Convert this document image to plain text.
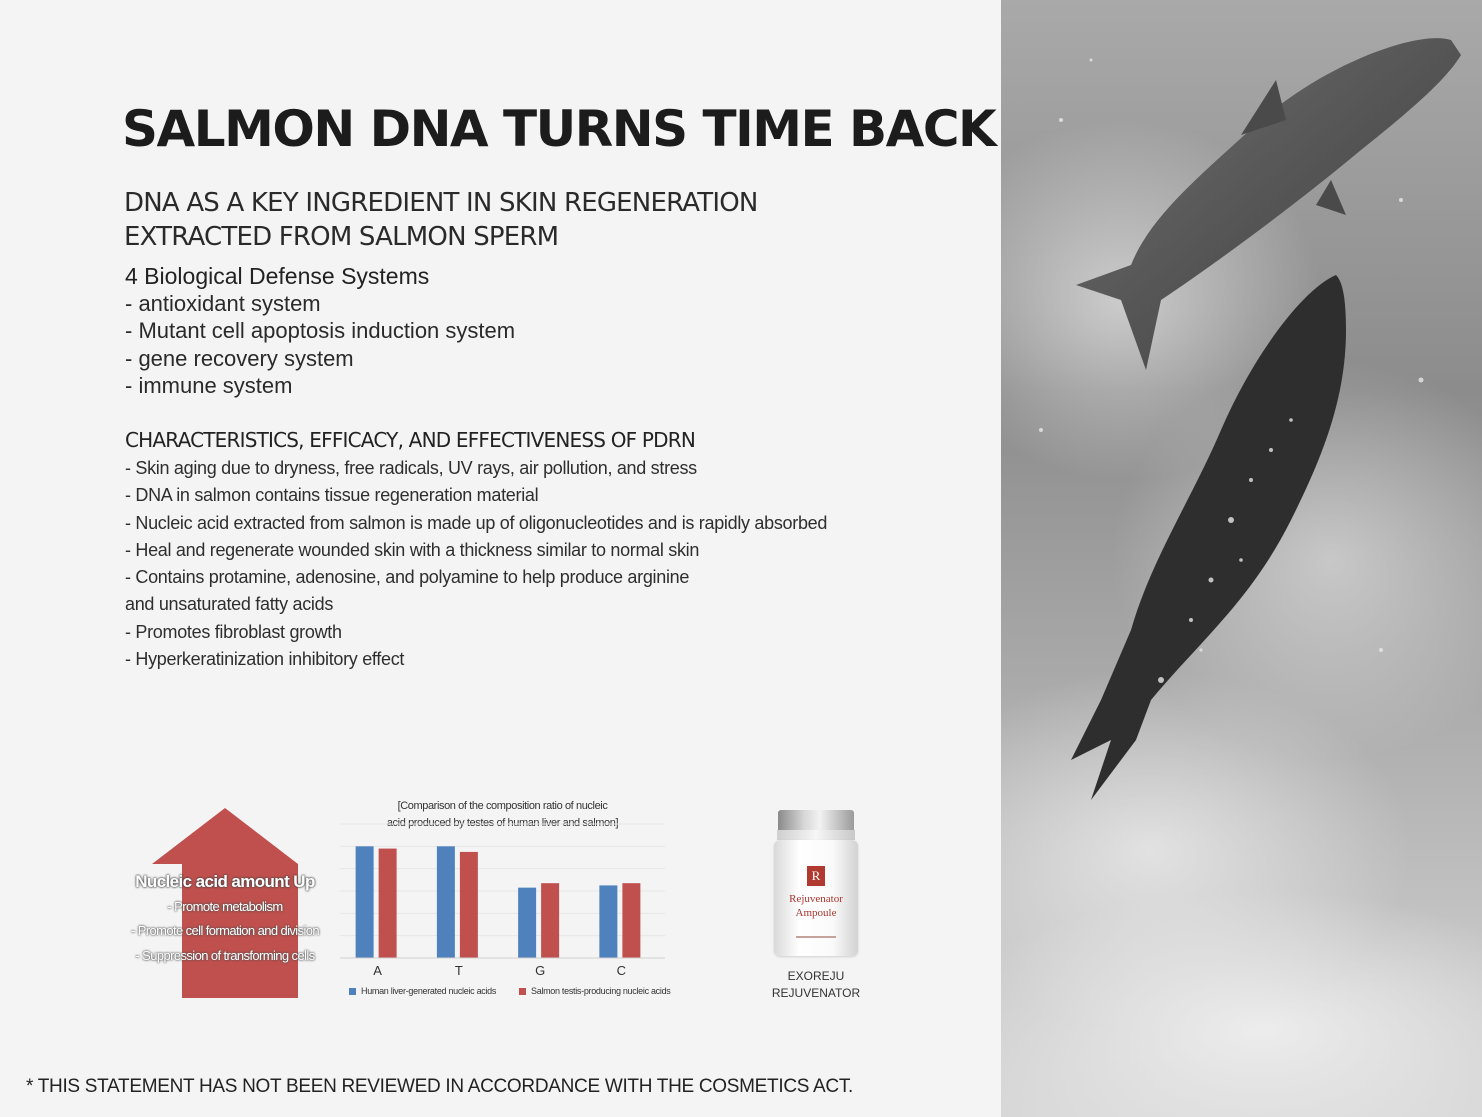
SALMON DNA TURNS TIME BACK
DNA AS A KEY INGREDIENT IN SKIN REGENERATION
EXTRACTED FROM SALMON SPERM
4 Biological Defense Systems
- antioxidant system
- Mutant cell apoptosis induction system
- gene recovery system
- immune system
CHARACTERISTICS, EFFICACY, AND EFFECTIVENESS OF PDRN
- Skin aging due to dryness, free radicals, UV rays, air pollution, and stress
- DNA in salmon contains tissue regeneration material
- Nucleic acid extracted from salmon is made up of oligonucleotides and is rapidly absorbed
- Heal and regenerate wounded skin with a thickness similar to normal skin
- Contains protamine, adenosine, and polyamine to help produce arginine
and unsaturated fatty acids
- Promotes fibroblast growth
- Hyperkeratinization inhibitory effect
Nucleic acid amount Up
- Promote metabolism
- Promote cell formation and division
- Suppression of transforming cells
[Comparison of the composition ratio of nucleic
acid produced by testes of human liver and salmon]
A	T	G	C
Human liver-generated nucleic acids	Salmon testis-producing nucleic acids
R
Rejuvenator
Ampoule
EXOREJU
REJUVENATOR
* THIS STATEMENT HAS NOT BEEN REVIEWED IN ACCORDANCE WITH THE COSMETICS ACT.
